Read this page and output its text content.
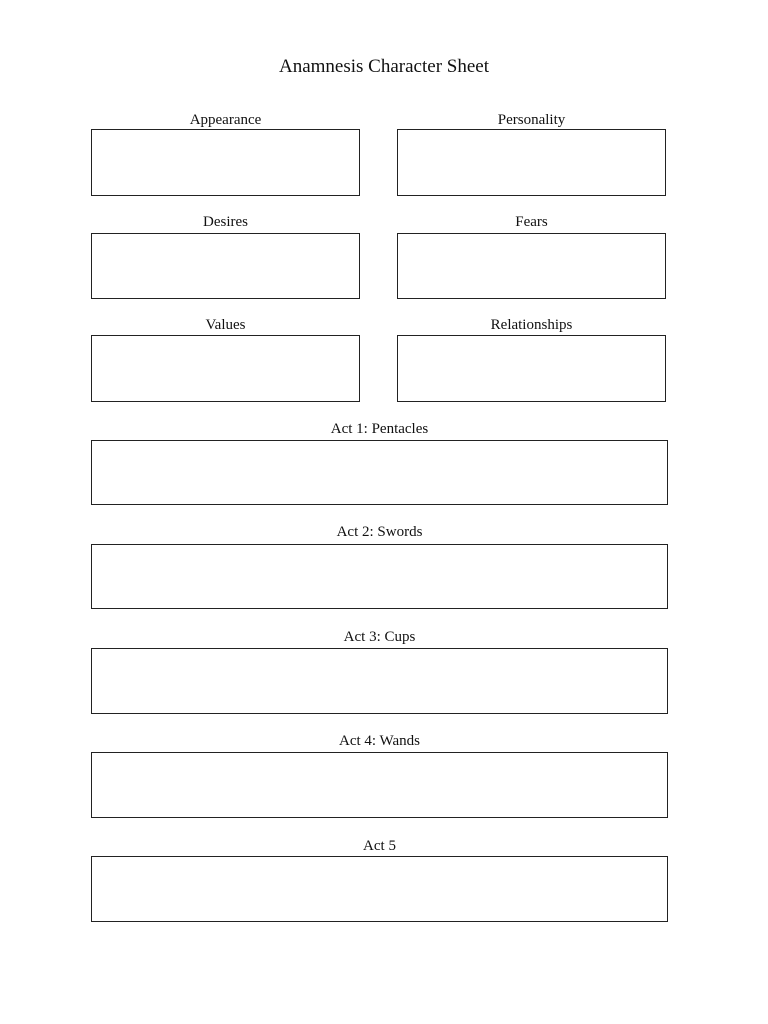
Anamnesis Character Sheet
Appearance	Personality
Desires	Fears
Values	Relationships
Act 1: Pentacles
Act 2: Swords
Act 3: Cups
Act 4: Wands
Act 5
